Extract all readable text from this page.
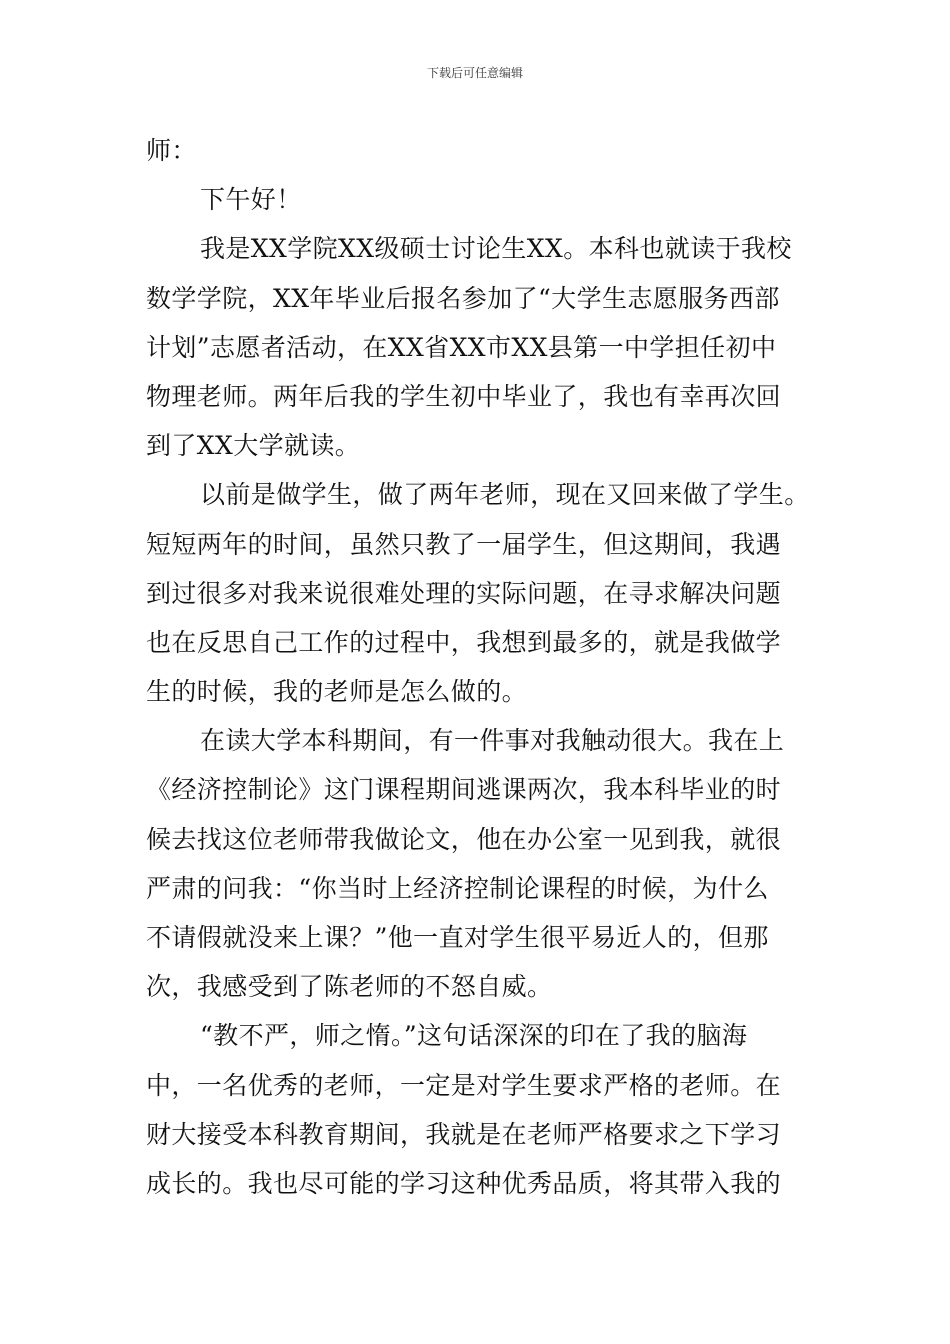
下载后可任意编辑
师：
下午好！
我是XX学院XX级硕士讨论生XX。本科也就读于我校
数学学院，XX年毕业后报名参加了“大学生志愿服务西部
计划”志愿者活动，在XX省XX市XX县第一中学担任初中
物理老师。两年后我的学生初中毕业了，我也有幸再次回
到了XX大学就读。
以前是做学生，做了两年老师，现在又回来做了学生。
短短两年的时间，虽然只教了一届学生，但这期间，我遇
到过很多对我来说很难处理的实际问题，在寻求解决问题
也在反思自己工作的过程中，我想到最多的，就是我做学
生的时候，我的老师是怎么做的。
在读大学本科期间，有一件事对我触动很大。我在上
《经济控制论》这门课程期间逃课两次，我本科毕业的时
候去找这位老师带我做论文，他在办公室一见到我，就很
严肃的问我：“你当时上经济控制论课程的时候，为什么
不请假就没来上课？”他一直对学生很平易近人的，但那
次，我感受到了陈老师的不怒自威。
“教不严，师之惰。”这句话深深的印在了我的脑海
中，一名优秀的老师，一定是对学生要求严格的老师。在
财大接受本科教育期间，我就是在老师严格要求之下学习
成长的。我也尽可能的学习这种优秀品质，将其带入我的
